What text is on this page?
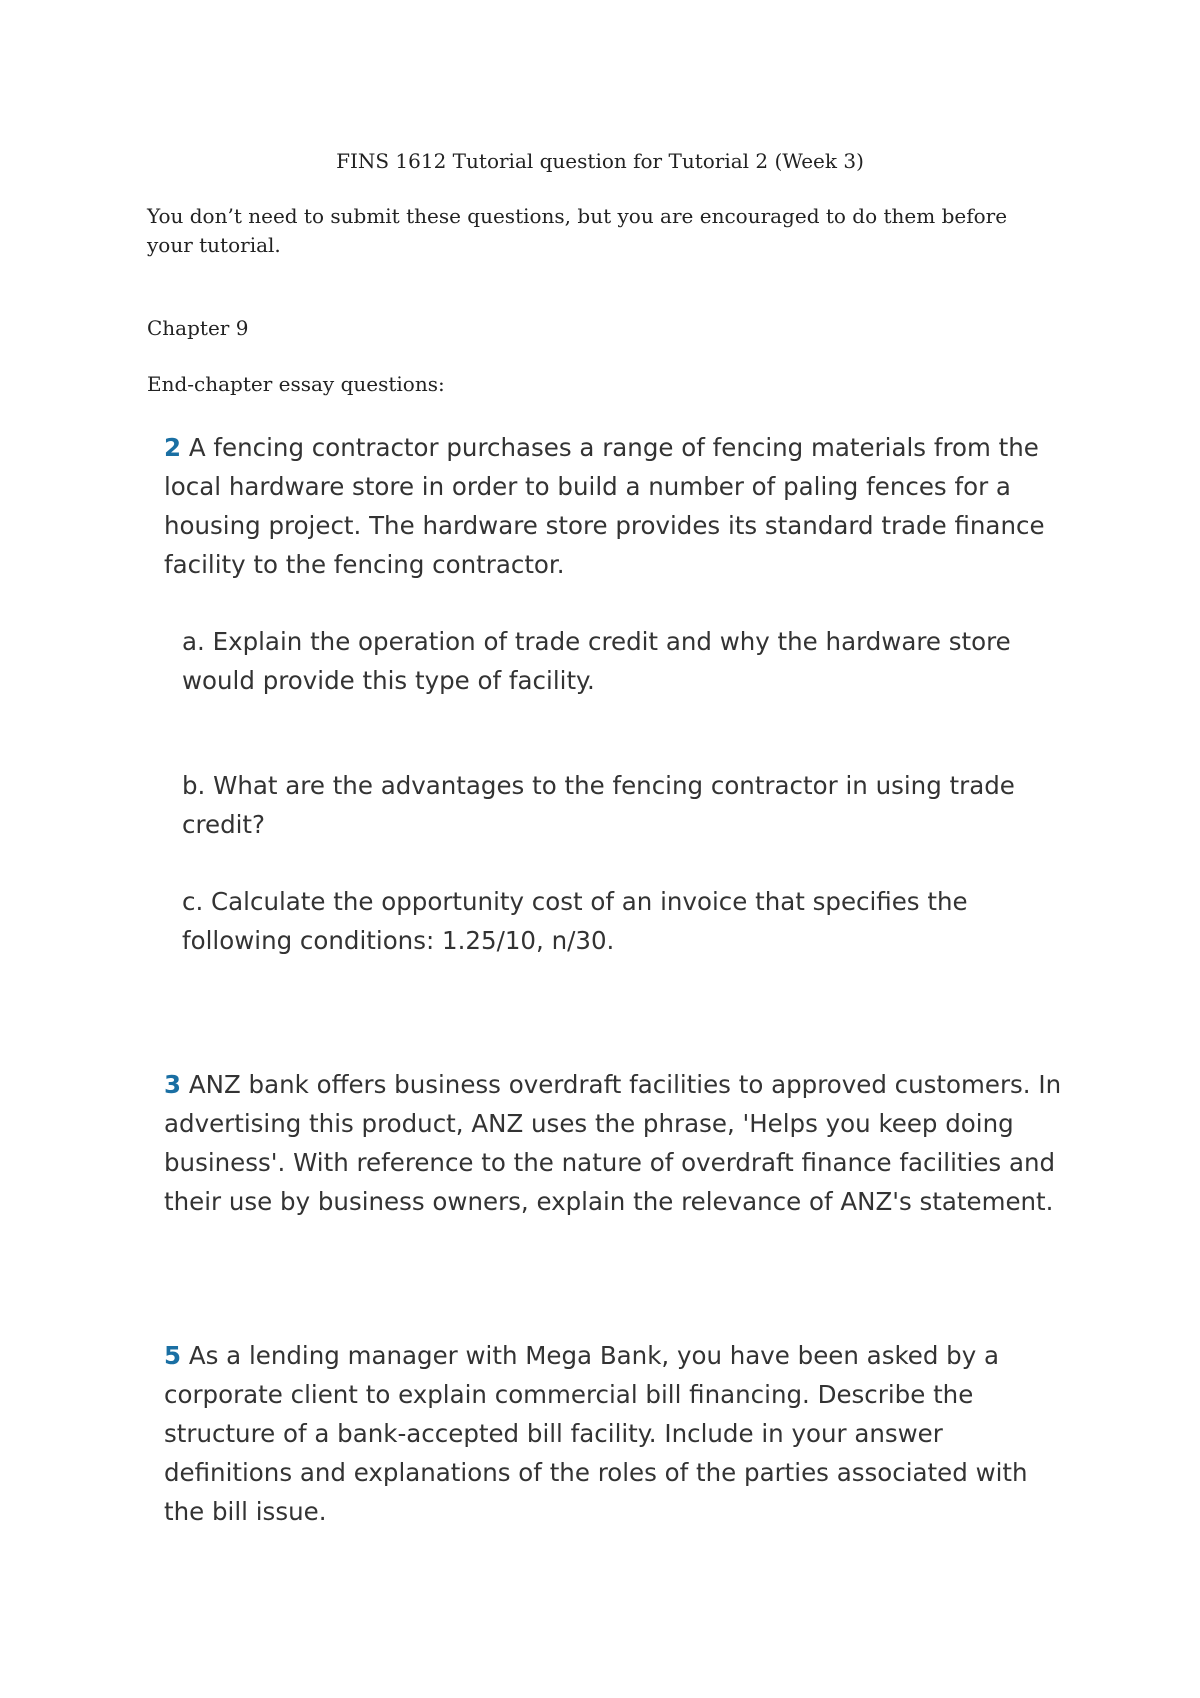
FINS 1612 Tutorial question for Tutorial 2 (Week 3)
You don’t need to submit these questions, but you are encouraged to do them before your tutorial.
Chapter 9
End-chapter essay questions:
2 A fencing contractor purchases a range of fencing materials from the local hardware store in order to build a number of paling fences for a housing project. The hardware store provides its standard trade finance facility to the fencing contractor.
a. Explain the operation of trade credit and why the hardware store would provide this type of facility.
b. What are the advantages to the fencing contractor in using trade credit?
c. Calculate the opportunity cost of an invoice that specifies the following conditions: 1.25/10, n/30.
3 ANZ bank offers business overdraft facilities to approved customers. In advertising this product, ANZ uses the phrase, 'Helps you keep doing business'. With reference to the nature of overdraft finance facilities and their use by business owners, explain the relevance of ANZ's statement.
5 As a lending manager with Mega Bank, you have been asked by a corporate client to explain commercial bill financing. Describe the structure of a bank-accepted bill facility. Include in your answer definitions and explanations of the roles of the parties associated with the bill issue.
